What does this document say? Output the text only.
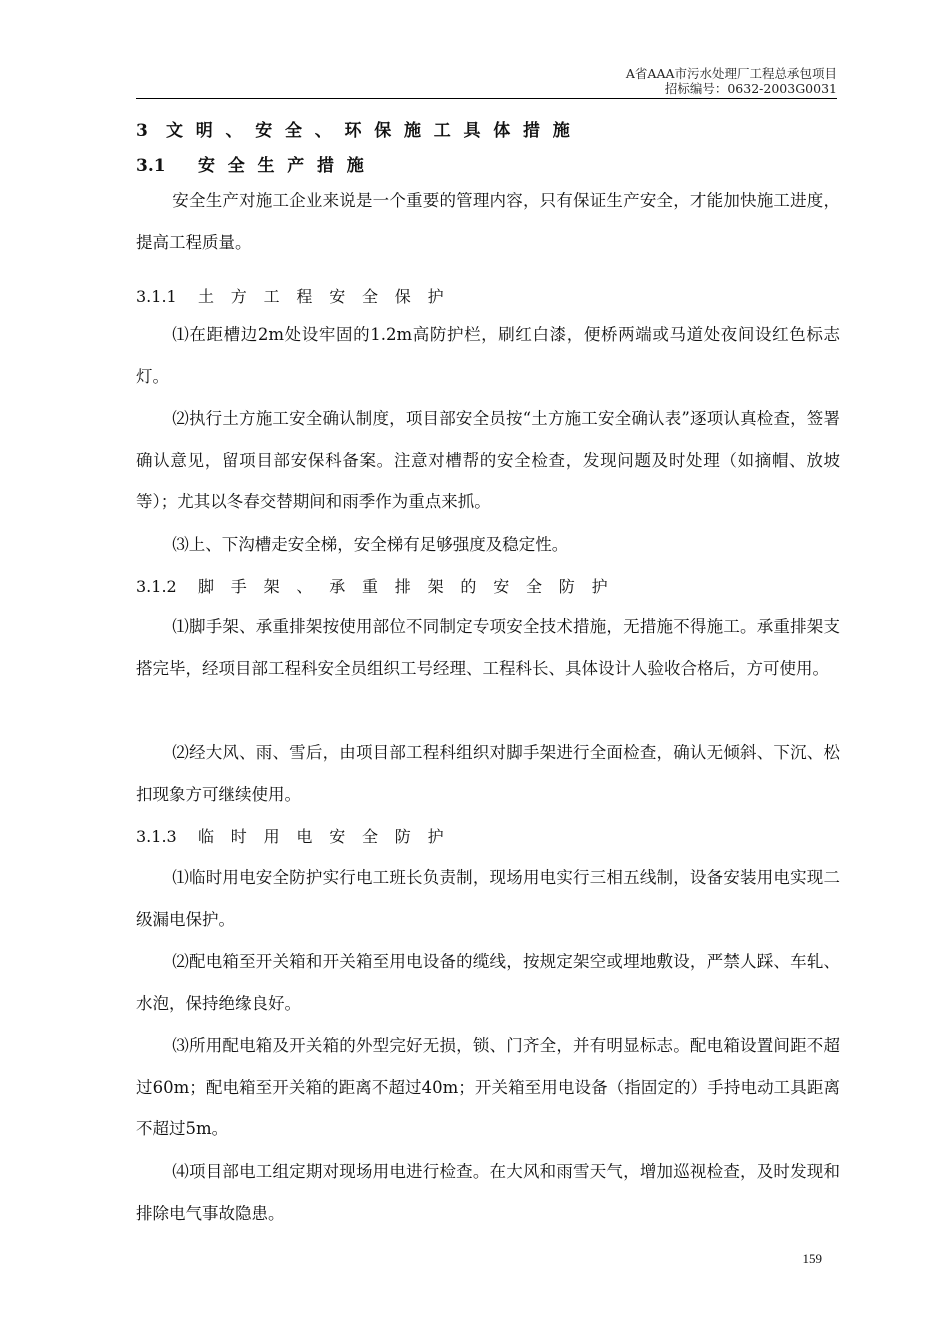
A省AAA市污水处理厂工程总承包项目
招标编号：0632-2003G0031
3 文明、安全、环保施工具体措施
3.1 安全生产措施

安全生产对施工企业来说是一个重要的管理内容，只有保证生产安全，才能加快施工进度，提高工程质量。

3.1.1 土方工程安全保护

⑴在距槽边2m处设牢固的1.2m高防护栏，刷红白漆，便桥两端或马道处夜间设红色标志灯。

⑵执行土方施工安全确认制度，项目部安全员按“土方施工安全确认表”逐项认真检查，签署确认意见，留项目部安保科备案。注意对槽帮的安全检查，发现问题及时处理（如摘帽、放坡等）；尤其以冬春交替期间和雨季作为重点来抓。

⑶上、下沟槽走安全梯，安全梯有足够强度及稳定性。

3.1.2 脚手架、承重排架的安全防护

⑴脚手架、承重排架按使用部位不同制定专项安全技术措施，无措施不得施工。承重排架支搭完毕，经项目部工程科安全员组织工号经理、工程科长、具体设计人验收合格后，方可使用。

⑵经大风、雨、雪后，由项目部工程科组织对脚手架进行全面检查，确认无倾斜、下沉、松扣现象方可继续使用。

3.1.3 临时用电安全防护

⑴临时用电安全防护实行电工班长负责制，现场用电实行三相五线制，设备安装用电实现二级漏电保护。

⑵配电箱至开关箱和开关箱至用电设备的缆线，按规定架空或埋地敷设，严禁人踩、车轧、水泡，保持绝缘良好。

⑶所用配电箱及开关箱的外型完好无损，锁、门齐全，并有明显标志。配电箱设置间距不超过60m；配电箱至开关箱的距离不超过40m；开关箱至用电设备（指固定的）手持电动工具距离不超过5m。

⑷项目部电工组定期对现场用电进行检查。在大风和雨雪天气，增加巡视检查，及时发现和排除电气事故隐患。

159
